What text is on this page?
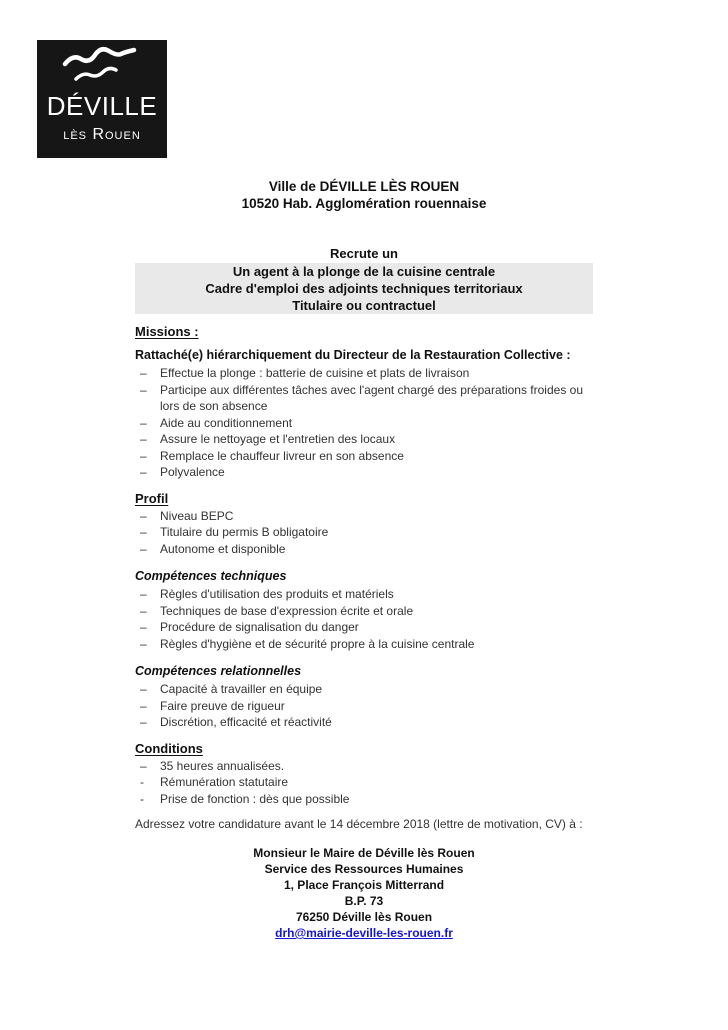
DÉVILLE
lès Rouen
Ville de DÉVILLE LÈS ROUEN
10520 Hab. Agglomération rouennaise
Recrute un
Un agent à la plonge de la cuisine centrale
Cadre d'emploi des adjoints techniques territoriaux
Titulaire ou contractuel
Missions :
Rattaché(e) hiérarchiquement du Directeur de la Restauration Collective :
– Effectue la plonge : batterie de cuisine et plats de livraison
– Participe aux différentes tâches avec l'agent chargé des préparations froides ou lors de son absence
– Aide au conditionnement
– Assure le nettoyage et l'entretien des locaux
– Remplace le chauffeur livreur en son absence
– Polyvalence
Profil
– Niveau BEPC
– Titulaire du permis B obligatoire
– Autonome et disponible
Compétences techniques
– Règles d'utilisation des produits et matériels
– Techniques de base d'expression écrite et orale
– Procédure de signalisation du danger
– Règles d'hygiène et de sécurité propre à la cuisine centrale
Compétences relationnelles
– Capacité à travailler en équipe
– Faire preuve de rigueur
– Discrétion, efficacité et réactivité
Conditions
– 35 heures annualisées.
- Rémunération statutaire
- Prise de fonction : dès que possible
Adressez votre candidature avant le 14 décembre 2018 (lettre de motivation, CV) à :
Monsieur le Maire de Déville lès Rouen
Service des Ressources Humaines
1, Place François Mitterrand
B.P. 73
76250 Déville lès Rouen
drh@mairie-deville-les-rouen.fr
